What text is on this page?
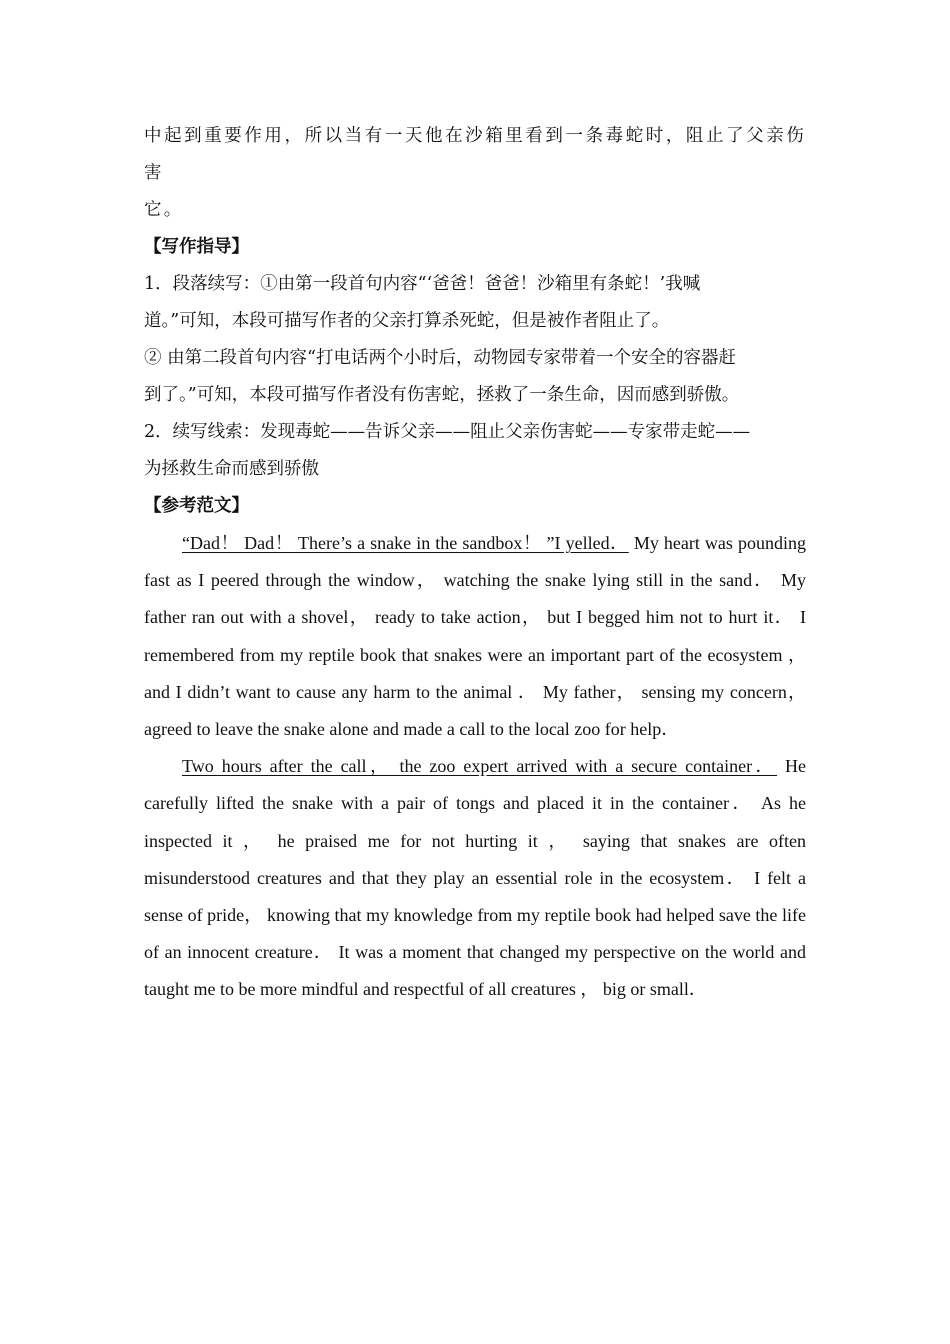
中起到重要作用，所以当有一天他在沙箱里看到一条毒蛇时，阻止了父亲伤害
它。
【写作指导】
1．段落续写：①由第一段首句内容“‘爸爸！爸爸！沙箱里有条蛇！’我喊
道。”可知，本段可描写作者的父亲打算杀死蛇，但是被作者阻止了。
② 由第二段首句内容“打电话两个小时后，动物园专家带着一个安全的容器赶
到了。”可知，本段可描写作者没有伤害蛇，拯救了一条生命，因而感到骄傲。
2．续写线索：发现毒蛇——告诉父亲——阻止父亲伤害蛇——专家带走蛇——
为拯救生命而感到骄傲
【参考范文】

“Dad！ Dad！ There’s a snake in the sandbox！ ”I yelled． My heart was pounding fast as I peered through the window， watching the snake lying still in the sand． My father ran out with a shovel， ready to take action， but I begged him not to hurt it． I remembered from my reptile book that snakes were an important part of the ecosystem ， and I didn’t want to cause any harm to the animal ． My father， sensing my concern， agreed to leave the snake alone and made a call to the local zoo for help．

Two hours after the call， the zoo expert arrived with a secure container． He carefully lifted the snake with a pair of tongs and placed it in the container． As he inspected it ， he praised me for not hurting it ， saying that snakes are often misunderstood creatures and that they play an essential role in the ecosystem． I felt a sense of pride， knowing that my knowledge from my reptile book had helped save the life of an innocent creature． It was a moment that changed my perspective on the world and taught me to be more mindful and respectful of all creatures ， big or small．
